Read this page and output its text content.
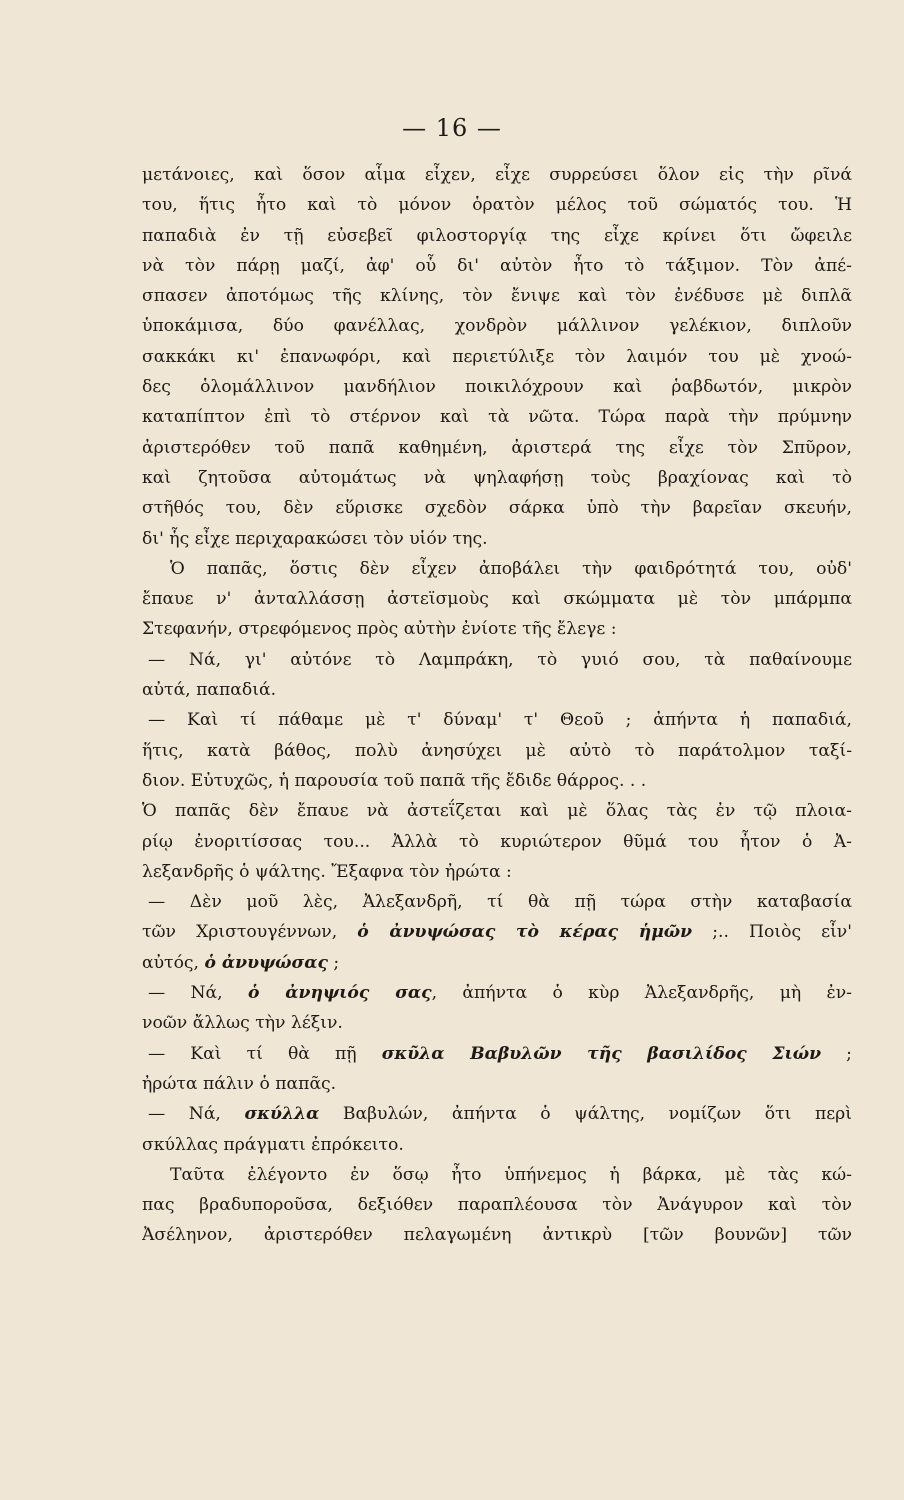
— 16 —
μετάνοιες, καὶ ὅσον αἷμα εἶχεν, εἶχε συρρεύσει ὅλον εἰς τὴν ρῖνά
του, ἥτις ἦτο καὶ τὸ μόνον ὁρατὸν μέλος τοῦ σώματός του. Ἡ
παπαδιὰ ἐν τῇ εὐσεβεῖ φιλοστοργίᾳ της εἶχε κρίνει ὅτι ὤφειλε
νὰ τὸν πάρῃ μαζί, ἀφ' οὗ δι' αὐτὸν ἦτο τὸ τάξιμον. Τὸν ἀπέ-
σπασεν ἀποτόμως τῆς κλίνης, τὸν ἔνιψε καὶ τὸν ἐνέδυσε μὲ διπλᾶ
ὑποκάμισα, δύο φανέλλας, χονδρὸν μάλλινον γελέκιον, διπλοῦν
σακκάκι κι' ἐπανωφόρι, καὶ περιετύλιξε τὸν λαιμόν του μὲ χνοώ-
δες ὁλομάλλινον μανδήλιον ποικιλόχρουν καὶ ῥαβδωτόν, μικρὸν
καταπίπτον ἐπὶ τὸ στέρνον καὶ τὰ νῶτα. Τώρα παρὰ τὴν πρύμνην
ἀριστερόθεν τοῦ παπᾶ καθημένη, ἀριστερά της εἶχε τὸν Σπῦρον,
καὶ ζητοῦσα αὐτομάτως νὰ ψηλαφήσῃ τοὺς βραχίονας καὶ τὸ
στῆθός του, δὲν εὕρισκε σχεδὸν σάρκα ὑπὸ τὴν βαρεῖαν σκευήν,
δι' ἧς εἶχε περιχαρακώσει τὸν υἱόν της.
Ὁ παπᾶς, ὅστις δὲν εἶχεν ἀποβάλει τὴν φαιδρότητά του, οὐδ'
ἔπαυε ν' ἀνταλλάσσῃ ἀστεϊσμοὺς καὶ σκώμματα μὲ τὸν μπάρμπα
Στεφανήν, στρεφόμενος πρὸς αὐτὴν ἐνίοτε τῆς ἔλεγε :
— Νά, γι' αὐτόνε τὸ Λαμπράκη, τὸ γυιό σου, τὰ παθαίνουμε
αὐτά, παπαδιά.
— Καὶ τί πάθαμε μὲ τ' δύναμ' τ' Θεοῦ ; ἀπήντα ἡ παπαδιά,
ἥτις, κατὰ βάθος, πολὺ ἀνησύχει μὲ αὐτὸ τὸ παράτολμον ταξί-
διον. Εὐτυχῶς, ἡ παρουσία τοῦ παπᾶ τῆς ἔδιδε θάρρος. . .
Ὁ παπᾶς δὲν ἔπαυε νὰ ἀστεΐζεται καὶ μὲ ὅλας τὰς ἐν τῷ πλοια-
ρίῳ ἐνοριτίσσας του... Ἀλλὰ τὸ κυριώτερον θῦμά του ἦτον ὁ Ἀ-
λεξανδρῆς ὁ ψάλτης. Ἔξαφνα τὸν ἠρώτα :
— Δὲν μοῦ λὲς, Ἀλεξανδρῆ, τί θὰ πῇ τώρα στὴν καταβασία
τῶν Χριστουγέννων, ὁ ἀνυψώσας τὸ κέρας ἡμῶν ;.. Ποιὸς εἶν'
αὐτός, ὁ ἀνυψώσας ;
— Νά, ὁ ἀνηψιός σας, ἀπήντα ὁ κὺρ Ἀλεξανδρῆς, μὴ ἐν-
νοῶν ἄλλως τὴν λέξιν.
— Καὶ τί θὰ πῇ σκῦλα Βαβυλῶν τῆς βασιλίδος Σιών ;
ἠρώτα πάλιν ὁ παπᾶς.
— Νά, σκύλλα Βαβυλών, ἀπήντα ὁ ψάλτης, νομίζων ὅτι περὶ
σκύλλας πράγματι ἐπρόκειτο.
Ταῦτα ἐλέγοντο ἐν ὅσῳ ἦτο ὑπήνεμος ἡ βάρκα, μὲ τὰς κώ-
πας βραδυποροῦσα, δεξιόθεν παραπλέουσα τὸν Ἀνάγυρον καὶ τὸν
Ἀσέληνον, ἀριστερόθεν πελαγωμένη ἀντικρὺ [τῶν βουνῶν] τῶν
